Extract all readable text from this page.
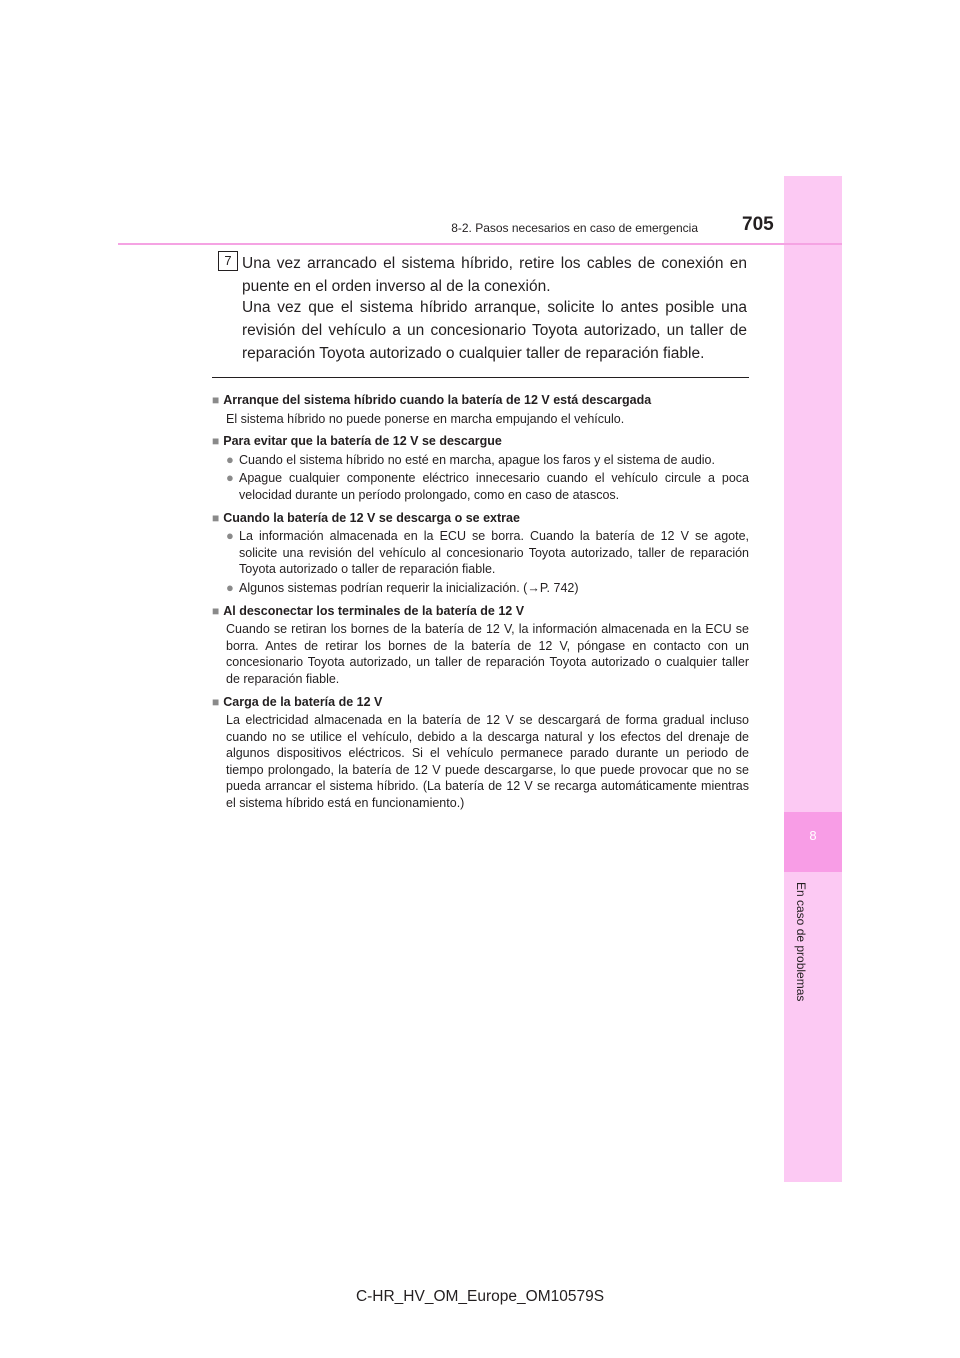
8
En caso de problemas
8-2. Pasos necesarios en caso de emergencia 705
7 Una vez arrancado el sistema híbrido, retire los cables de conexión en puente en el orden inverso al de la conexión.
Una vez que el sistema híbrido arranque, solicite lo antes posible una revisión del vehículo a un concesionario Toyota autorizado, un taller de reparación Toyota autorizado o cualquier taller de reparación fiable.
■ Arranque del sistema híbrido cuando la batería de 12 V está descargada
El sistema híbrido no puede ponerse en marcha empujando el vehículo.
■ Para evitar que la batería de 12 V se descargue
● Cuando el sistema híbrido no esté en marcha, apague los faros y el sistema de audio.
● Apague cualquier componente eléctrico innecesario cuando el vehículo circule a poca velocidad durante un período prolongado, como en caso de atascos.
■ Cuando la batería de 12 V se descarga o se extrae
● La información almacenada en la ECU se borra. Cuando la batería de 12 V se agote, solicite una revisión del vehículo al concesionario Toyota autorizado, taller de reparación Toyota autorizado o taller de reparación fiable.
● Algunos sistemas podrían requerir la inicialización. (→P. 742)
■ Al desconectar los terminales de la batería de 12 V
Cuando se retiran los bornes de la batería de 12 V, la información almacenada en la ECU se borra. Antes de retirar los bornes de la batería de 12 V, póngase en contacto con un concesionario Toyota autorizado, un taller de reparación Toyota autorizado o cualquier taller de reparación fiable.
■ Carga de la batería de 12 V
La electricidad almacenada en la batería de 12 V se descargará de forma gradual incluso cuando no se utilice el vehículo, debido a la descarga natural y los efectos del drenaje de algunos dispositivos eléctricos. Si el vehículo permanece parado durante un periodo de tiempo prolongado, la batería de 12 V puede descargarse, lo que puede provocar que no se pueda arrancar el sistema híbrido. (La batería de 12 V se recarga automáticamente mientras el sistema híbrido está en funcionamiento.)
C-HR_HV_OM_Europe_OM10579S
